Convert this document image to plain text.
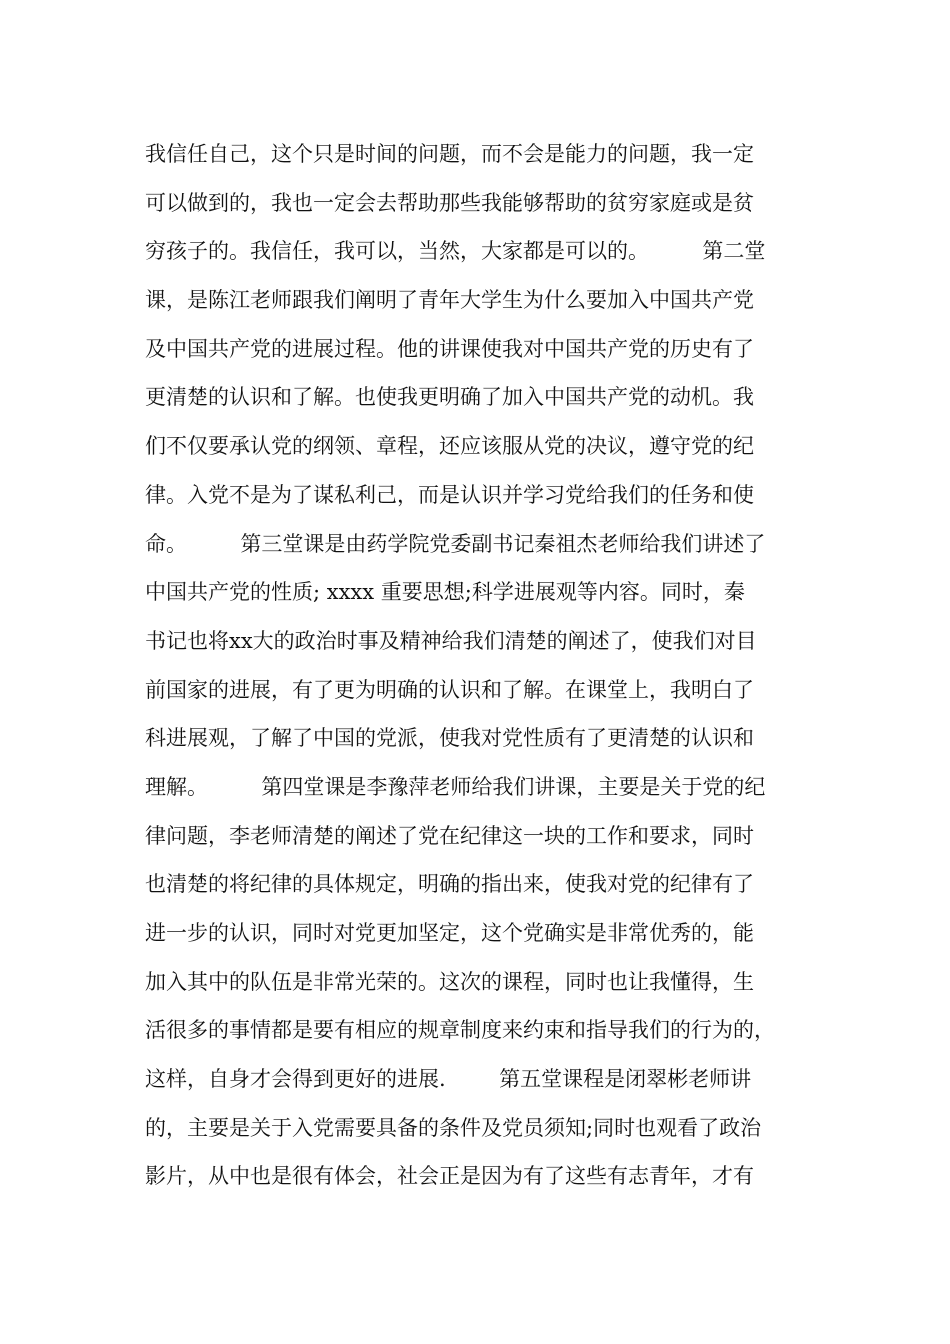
我信任自己，这个只是时间的问题，而不会是能力的问题，我一定
可以做到的，我也一定会去帮助那些我能够帮助的贫穷家庭或是贫
穷孩子的。我信任，我可以，当然，大家都是可以的。        第二堂
课，是陈江老师跟我们阐明了青年大学生为什么要加入中国共产党
及中国共产党的进展过程。他的讲课使我对中国共产党的历史有了
更清楚的认识和了解。也使我更明确了加入中国共产党的动机。我
们不仅要承认党的纲领、章程，还应该服从党的决议，遵守党的纪
律。入党不是为了谋私利己，而是认识并学习党给我们的任务和使
命。        第三堂课是由药学院党委副书记秦祖杰老师给我们讲述了
中国共产党的性质; xxxx 重要思想;科学进展观等内容。同时，秦
书记也将xx大的政治时事及精神给我们清楚的阐述了，使我们对目
前国家的进展，有了更为明确的认识和了解。在课堂上，我明白了
科进展观，了解了中国的党派，使我对党性质有了更清楚的认识和
理解。        第四堂课是李豫萍老师给我们讲课，主要是关于党的纪
律问题，李老师清楚的阐述了党在纪律这一块的工作和要求，同时
也清楚的将纪律的具体规定，明确的指出来，使我对党的纪律有了
进一步的认识，同时对党更加坚定，这个党确实是非常优秀的，能
加入其中的队伍是非常光荣的。这次的课程，同时也让我懂得，生
活很多的事情都是要有相应的规章制度来约束和指导我们的行为的，
这样，自身才会得到更好的进展.        第五堂课程是闭翠彬老师讲
的，主要是关于入党需要具备的条件及党员须知;同时也观看了政治
影片，从中也是很有体会，社会正是因为有了这些有志青年，才有
